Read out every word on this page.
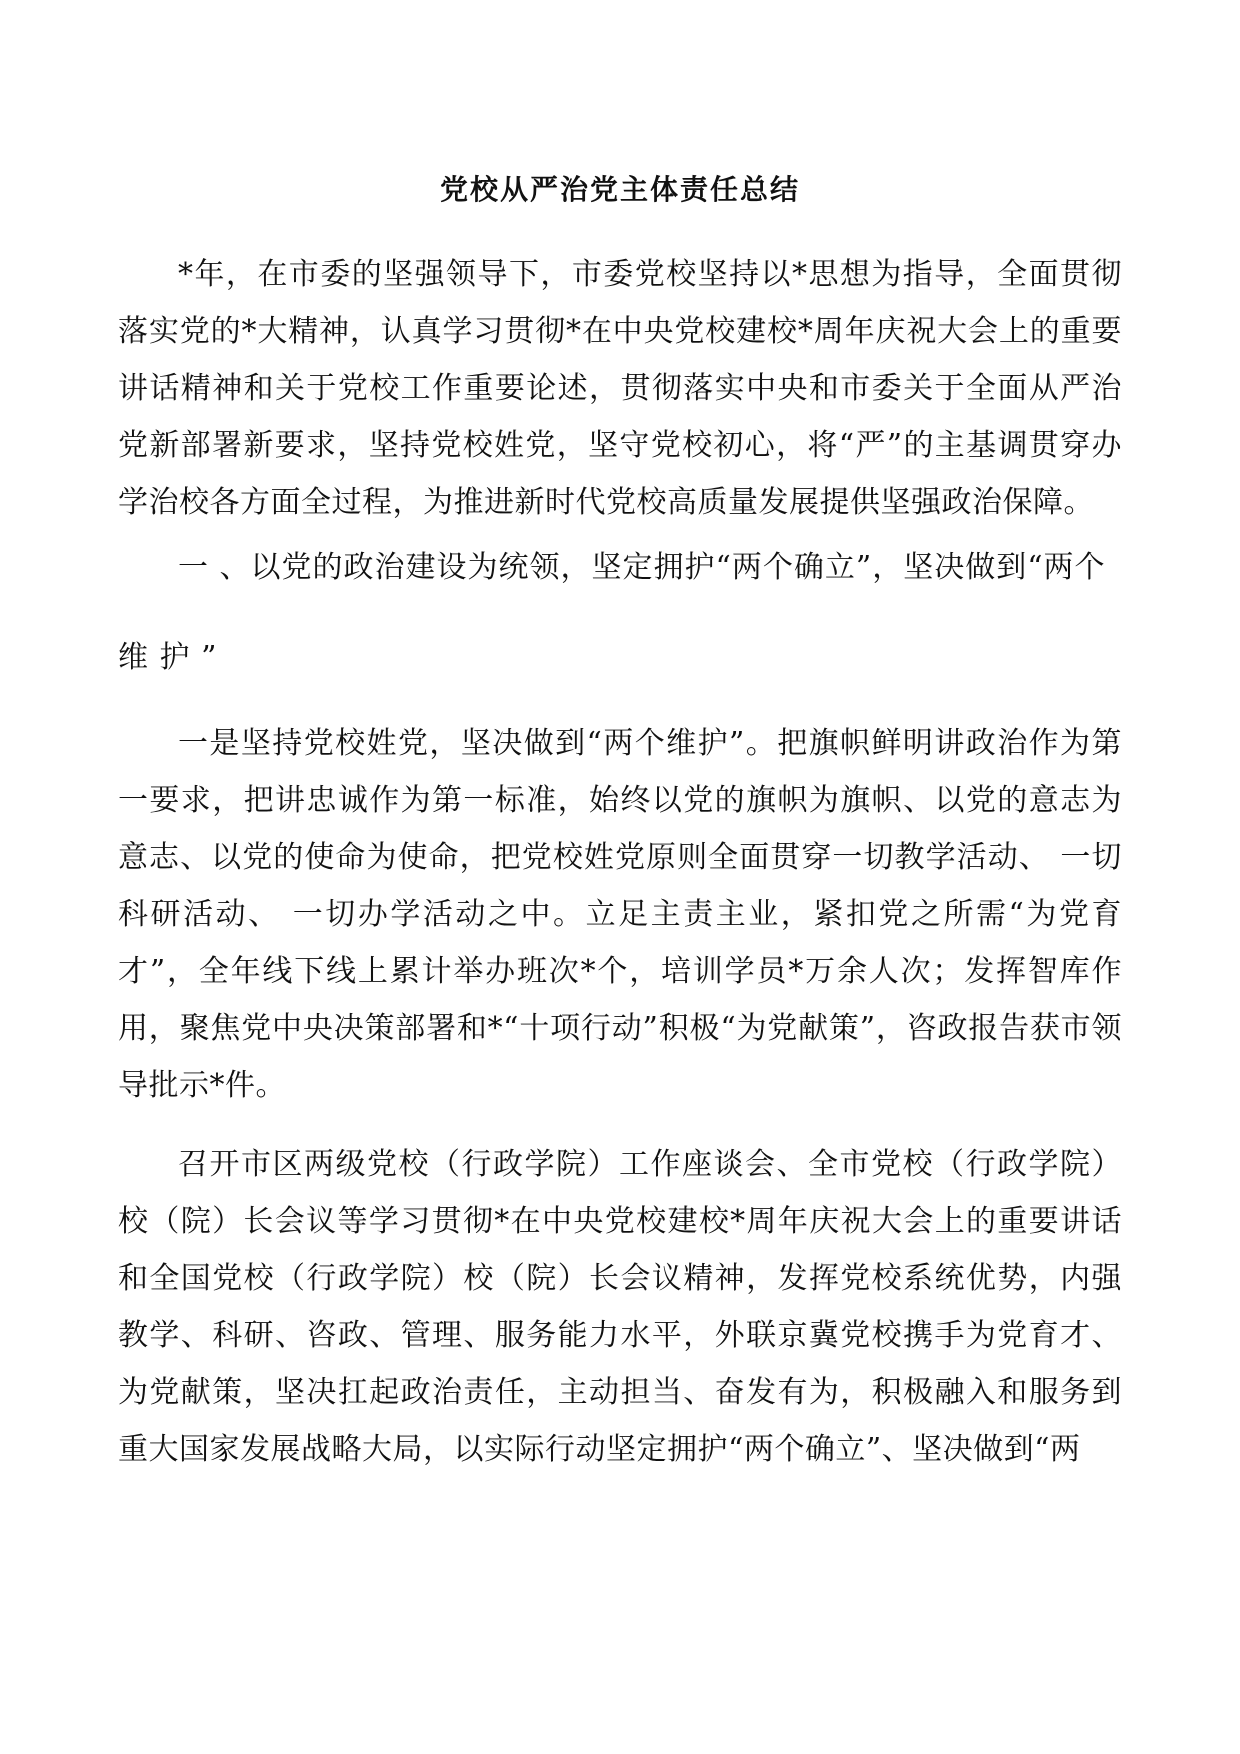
党校从严治党主体责任总结

*年，在市委的坚强领导下，市委党校坚持以*思想为指导，全面贯彻落实党的*大精神，认真学习贯彻*在中央党校建校*周年庆祝大会上的重要讲话精神和关于党校工作重要论述，贯彻落实中央和市委关于全面从严治党新部署新要求，坚持党校姓党，坚守党校初心，将“严”的主基调贯穿办学治校各方面全过程，为推进新时代党校高质量发展提供坚强政治保障。

一 、以党的政治建设为统领，坚定拥护“两个确立”，坚决做到“两个维 护 ”

一是坚持党校姓党，坚决做到“两个维护”。把旗帜鲜明讲政治作为第一要求，把讲忠诚作为第一标准，始终以党的旗帜为旗帜、以党的意志为意志、以党的使命为使命，把党校姓党原则全面贯穿一切教学活动、 一切科研活动、 一切办学活动之中。立足主责主业，紧扣党之所需“为党育才”，全年线下线上累计举办班次*个，培训学员*万余人次；发挥智库作用，聚焦党中央决策部署和*“十项行动”积极“为党献策”，咨政报告获市领导批示*件。

召开市区两级党校（行政学院）工作座谈会、全市党校（行政学院）校（院）长会议等学习贯彻*在中央党校建校*周年庆祝大会上的重要讲话和全国党校（行政学院）校（院）长会议精神，发挥党校系统优势，内强教学、科研、咨政、管理、服务能力水平，外联京冀党校携手为党育才、为党献策，坚决扛起政治责任，主动担当、奋发有为，积极融入和服务到重大国家发展战略大局，以实际行动坚定拥护“两个确立”、坚决做到“两
